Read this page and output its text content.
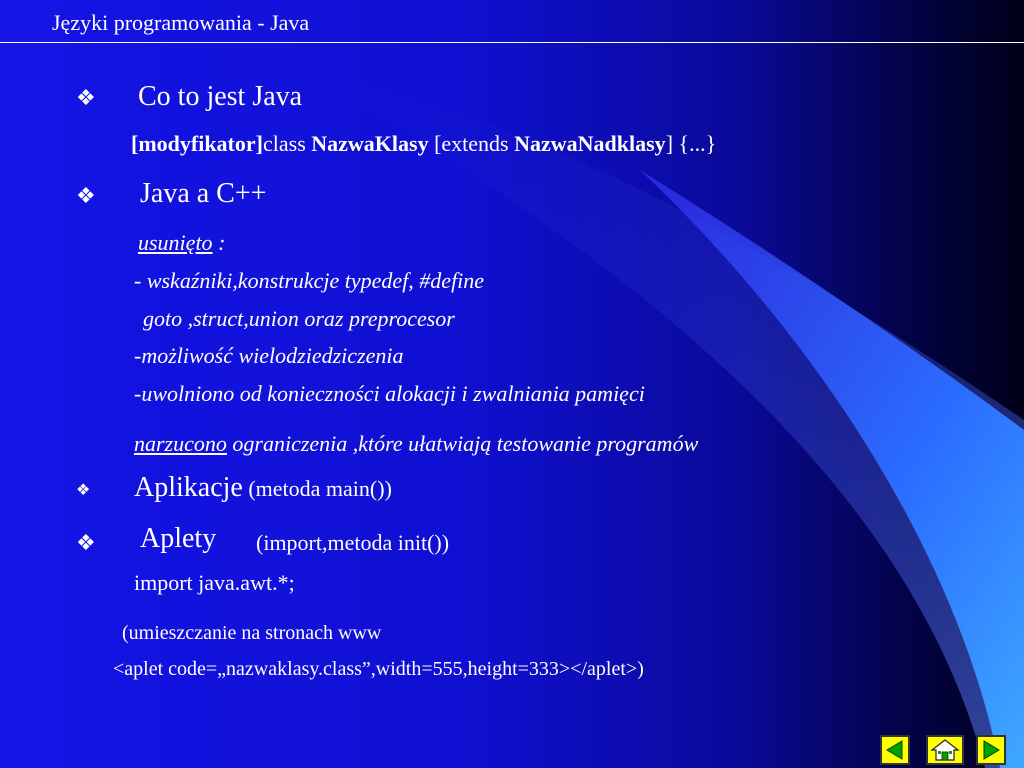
Języki programowania - Java
❖ Co to jest Java
[modyfikator]class NazwaKlasy [extends NazwaNadklasy] {...}
❖ Java a C++
usunięto :
- wskaźniki,konstrukcje typedef, #define
goto ,struct,union oraz preprocesor
-możliwość wielodziedziczenia
-uwolniono od konieczności alokacji i zwalniania pamięci
narzucono ograniczenia ,które ułatwiają testowanie programów
❖ Aplikacje (metoda main())
❖ Aplety (import,metoda init())
import java.awt.*;
(umieszczanie na stronach www
<aplet code=„nazwaklasy.class”,width=555,height=333></aplet>)
